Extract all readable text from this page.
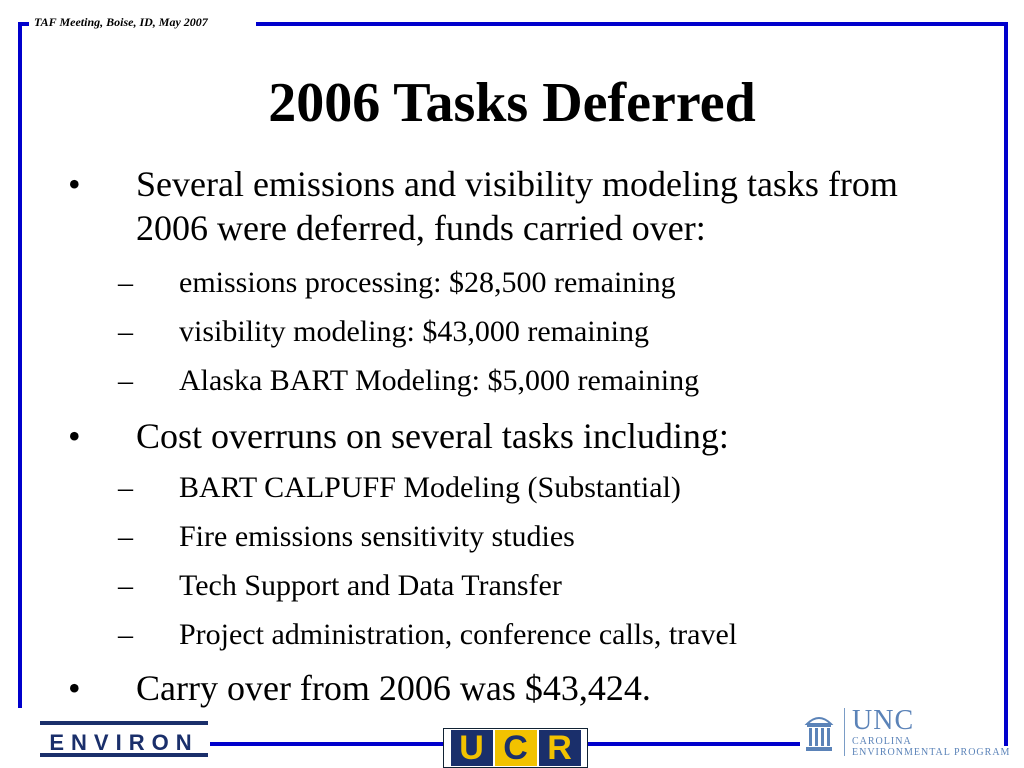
TAF Meeting, Boise, ID, May 2007
2006 Tasks Deferred
•	Several emissions and visibility modeling tasks from 2006 were deferred, funds carried over:
–	emissions processing: $28,500 remaining
–	visibility modeling: $43,000 remaining
–	Alaska BART Modeling: $5,000 remaining
•	Cost overruns on several tasks including:
–	BART CALPUFF Modeling (Substantial)
–	Fire emissions sensitivity studies
–	Tech Support and Data Transfer
–	Project administration, conference calls, travel
•	Carry over from 2006 was $43,424.
ENVIRON	U C R
UNC
CAROLINA
ENVIRONMENTAL PROGRAM
